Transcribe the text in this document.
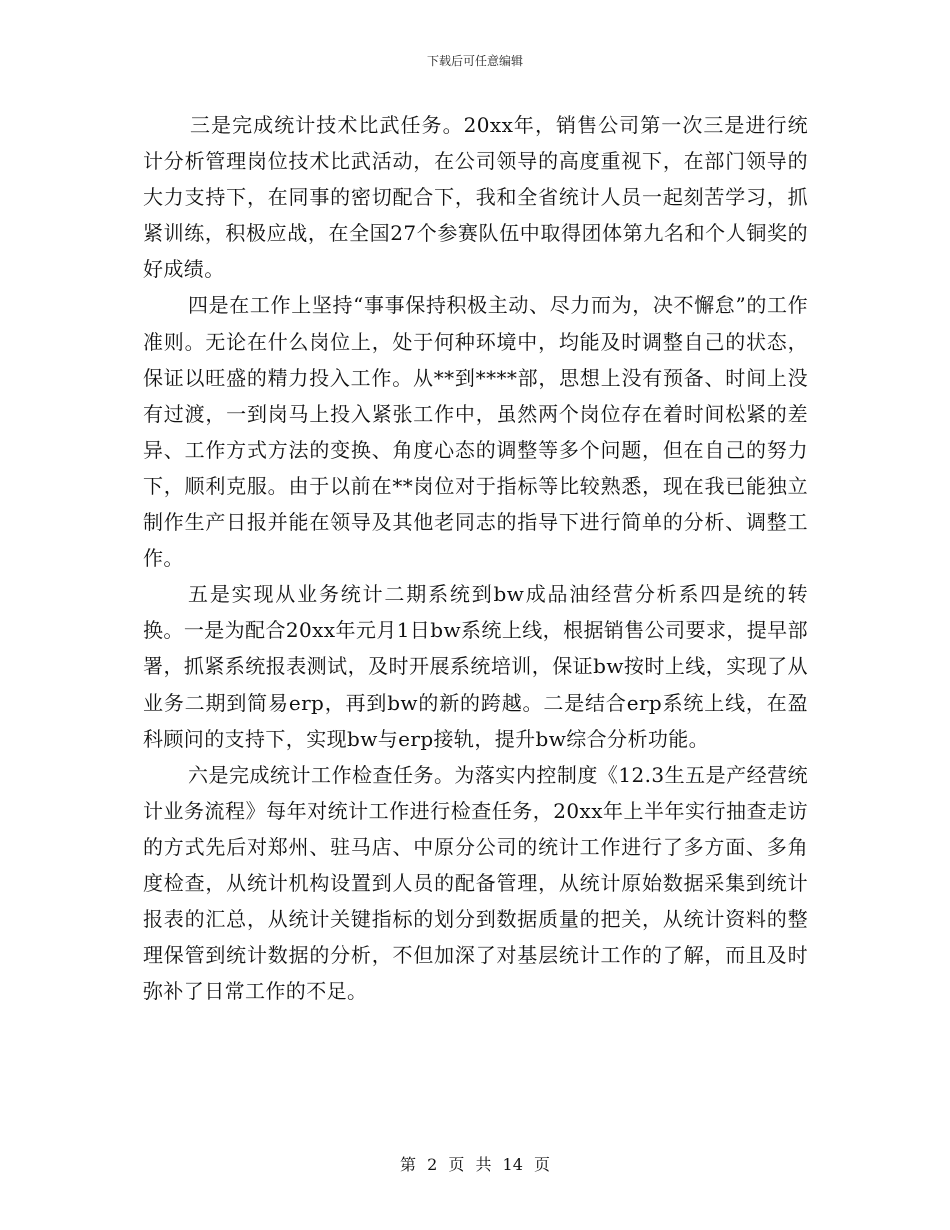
下载后可任意编辑

三是完成统计技术比武任务。20xx年，销售公司第一次三是进行统计分析管理岗位技术比武活动，在公司领导的高度重视下，在部门领导的大力支持下，在同事的密切配合下，我和全省统计人员一起刻苦学习，抓紧训练，积极应战，在全国27个参赛队伍中取得团体第九名和个人铜奖的好成绩。

四是在工作上坚持“事事保持积极主动、尽力而为，决不懈怠”的工作准则。无论在什么岗位上，处于何种环境中，均能及时调整自己的状态，保证以旺盛的精力投入工作。从**到****部，思想上没有预备、时间上没有过渡，一到岗马上投入紧张工作中，虽然两个岗位存在着时间松紧的差异、工作方式方法的变换、角度心态的调整等多个问题，但在自己的努力下，顺利克服。由于以前在**岗位对于指标等比较熟悉，现在我已能独立制作生产日报并能在领导及其他老同志的指导下进行简单的分析、调整工作。

五是实现从业务统计二期系统到bw成品油经营分析系四是统的转换。一是为配合20xx年元月1日bw系统上线，根据销售公司要求，提早部署，抓紧系统报表测试，及时开展系统培训，保证bw按时上线，实现了从业务二期到简易erp，再到bw的新的跨越。二是结合erp系统上线，在盈科顾问的支持下，实现bw与erp接轨，提升bw综合分析功能。

六是完成统计工作检查任务。为落实内控制度《12.3生五是产经营统计业务流程》每年对统计工作进行检查任务，20xx年上半年实行抽查走访的方式先后对郑州、驻马店、中原分公司的统计工作进行了多方面、多角度检查，从统计机构设置到人员的配备管理，从统计原始数据采集到统计报表的汇总，从统计关键指标的划分到数据质量的把关，从统计资料的整理保管到统计数据的分析，不但加深了对基层统计工作的了解，而且及时弥补了日常工作的不足。

第 2 页 共 14 页
